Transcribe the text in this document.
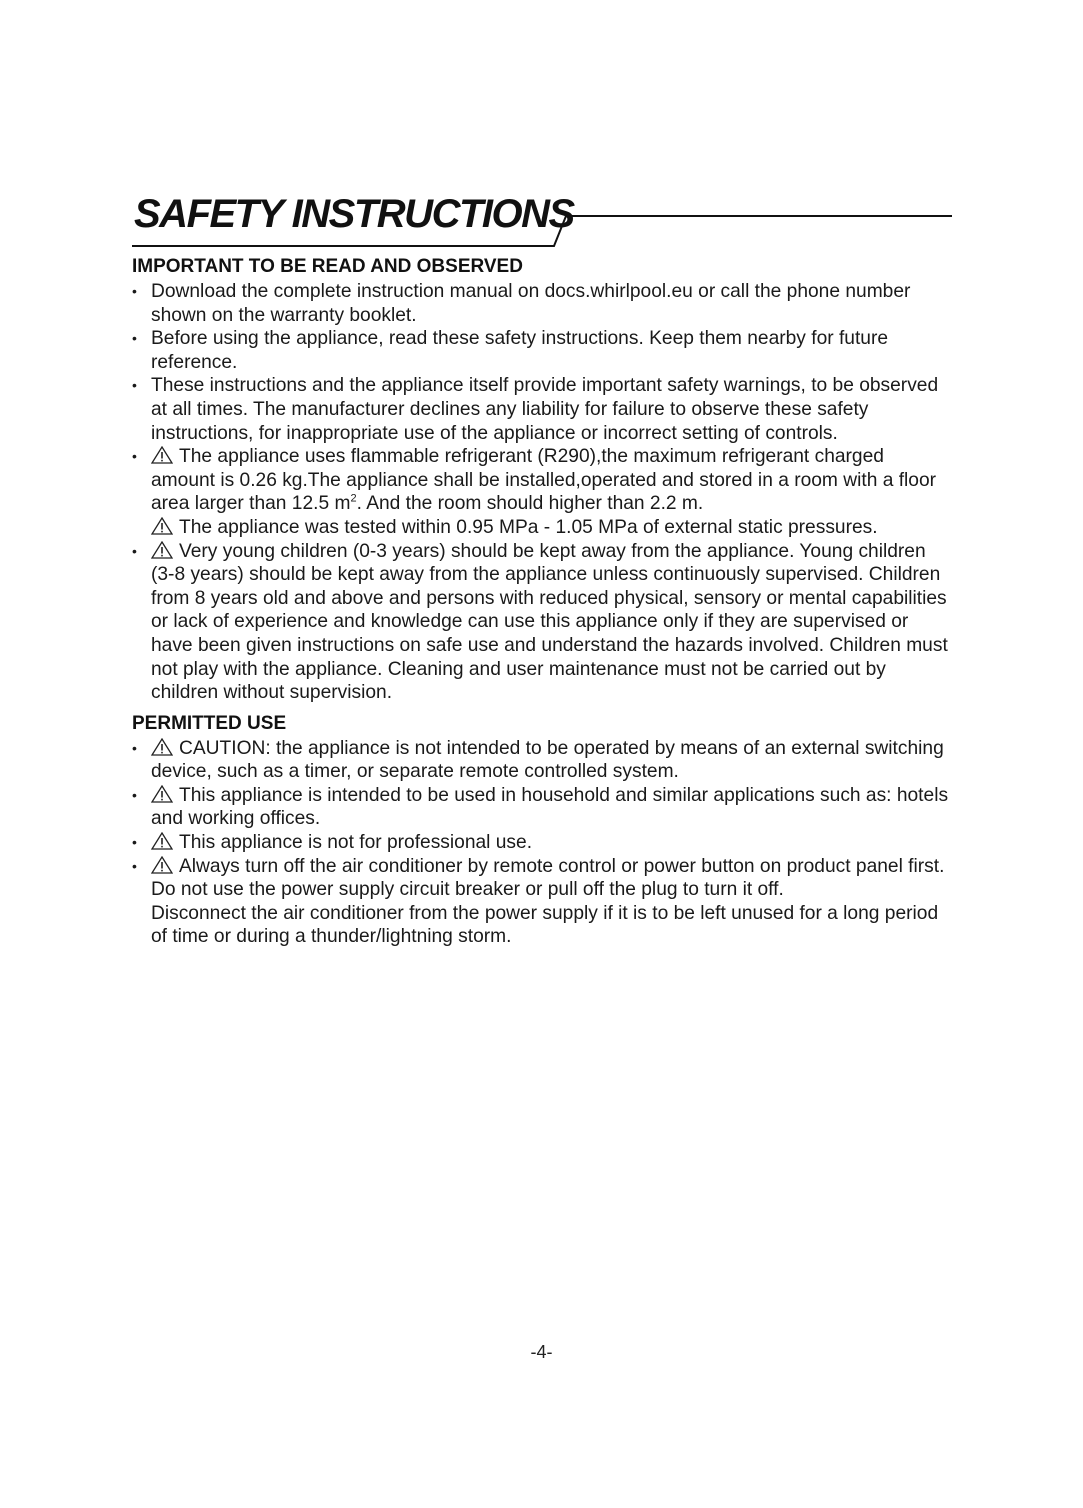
SAFETY INSTRUCTIONS
IMPORTANT TO BE READ AND OBSERVED
• Download the complete instruction manual on docs.whirlpool.eu or call the phone number shown on the warranty booklet.
• Before using the appliance, read these safety instructions. Keep them nearby for future reference.
• These instructions and the appliance itself provide important safety warnings, to be observed at all times. The manufacturer declines any liability for failure to observe these safety instructions, for inappropriate use of the appliance or incorrect setting of controls.
•	The appliance uses flammable refrigerant (R290),the maximum refrigerant charged amount is 0.26 kg.The appliance shall be installed,operated and stored in a room with a floor area larger than 12.5 $m^2$. And the room should higher than 2.2 m.
The appliance was tested within 0.95 MPa - 1.05 MPa of external static pressures.
• Very young children (0-3 years) should be kept away from the appliance. Young children (3-8 years) should be kept away from the appliance unless continuously supervised. Children from 8 years old and above and persons with reduced physical, sensory or mental capabilities or lack of experience and knowledge can use this appliance only if they are supervised or have been given instructions on safe use and understand the hazards involved. Children must not play with the appliance. Cleaning and user maintenance must not be carried out by children without supervision.
PERMITTED USE
• CAUTION: the appliance is not intended to be operated by means of an external switching device, such as a timer, or separate remote controlled system.
• This appliance is intended to be used in household and similar applications such as: hotels and working offices.
• This appliance is not for professional use.
•	Always turn off the air conditioner by remote control or power button on product panel first.
Do not use the power supply circuit breaker or pull off the plug to turn it off.
Disconnect the air conditioner from the power supply if it is to be left unused for a long period of time or during a thunder/lightning storm.
-4-
